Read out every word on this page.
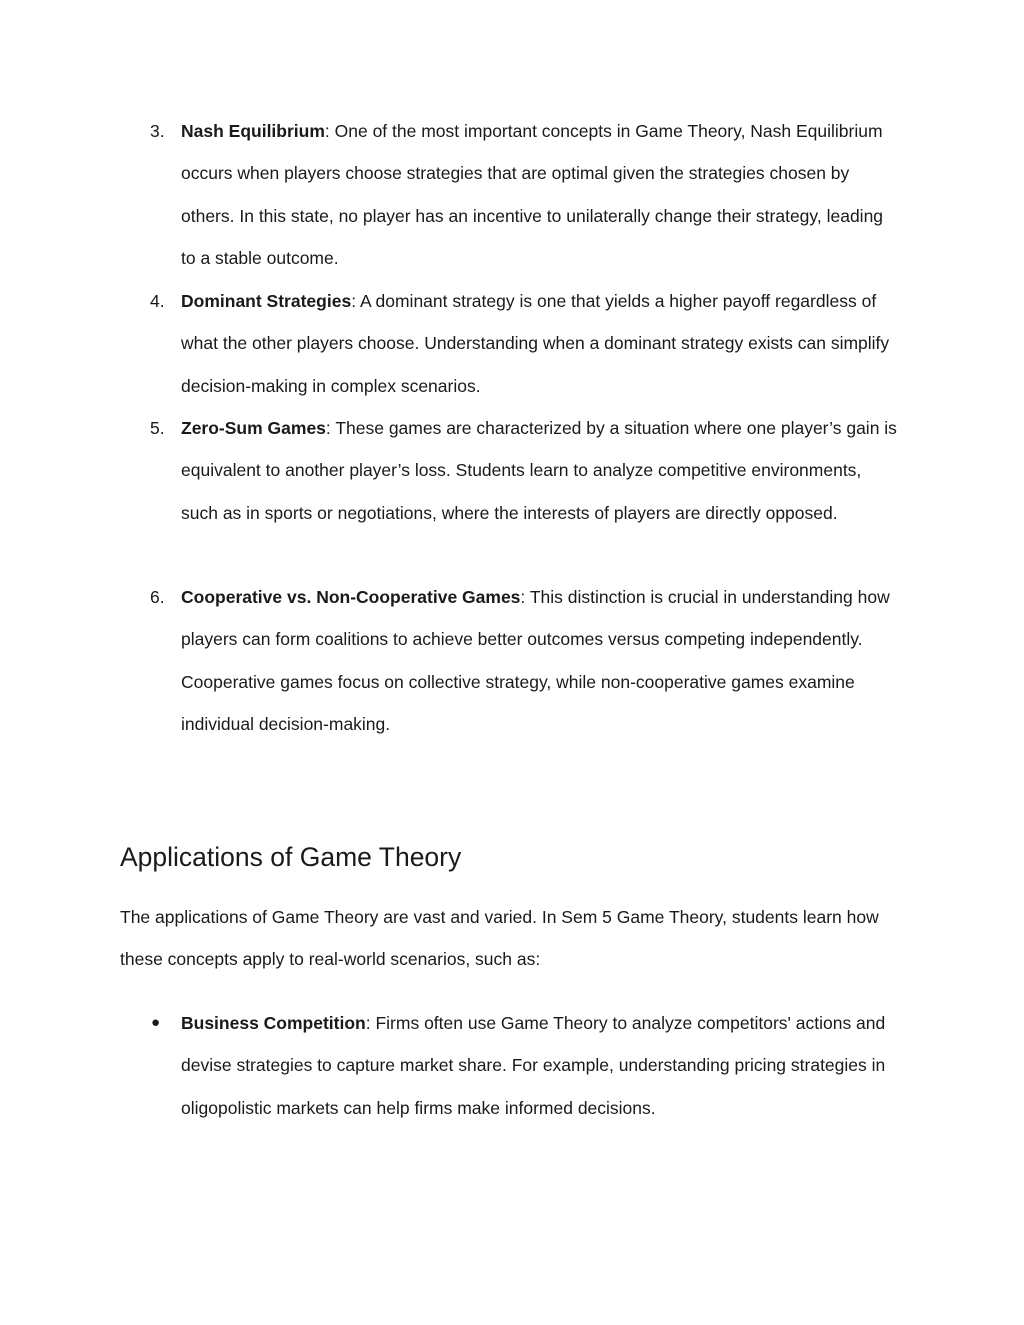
3. Nash Equilibrium: One of the most important concepts in Game Theory, Nash Equilibrium occurs when players choose strategies that are optimal given the strategies chosen by others. In this state, no player has an incentive to unilaterally change their strategy, leading to a stable outcome.
4. Dominant Strategies: A dominant strategy is one that yields a higher payoff regardless of what the other players choose. Understanding when a dominant strategy exists can simplify decision-making in complex scenarios.
5. Zero-Sum Games: These games are characterized by a situation where one player’s gain is equivalent to another player’s loss. Students learn to analyze competitive environments, such as in sports or negotiations, where the interests of players are directly opposed.
6. Cooperative vs. Non-Cooperative Games: This distinction is crucial in understanding how players can form coalitions to achieve better outcomes versus competing independently. Cooperative games focus on collective strategy, while non-cooperative games examine individual decision-making.
Applications of Game Theory

The applications of Game Theory are vast and varied. In Sem 5 Game Theory, students learn how these concepts apply to real-world scenarios, such as:

●	Business Competition: Firms often use Game Theory to analyze competitors' actions and devise strategies to capture market share. For example, understanding pricing strategies in oligopolistic markets can help firms make informed decisions.
